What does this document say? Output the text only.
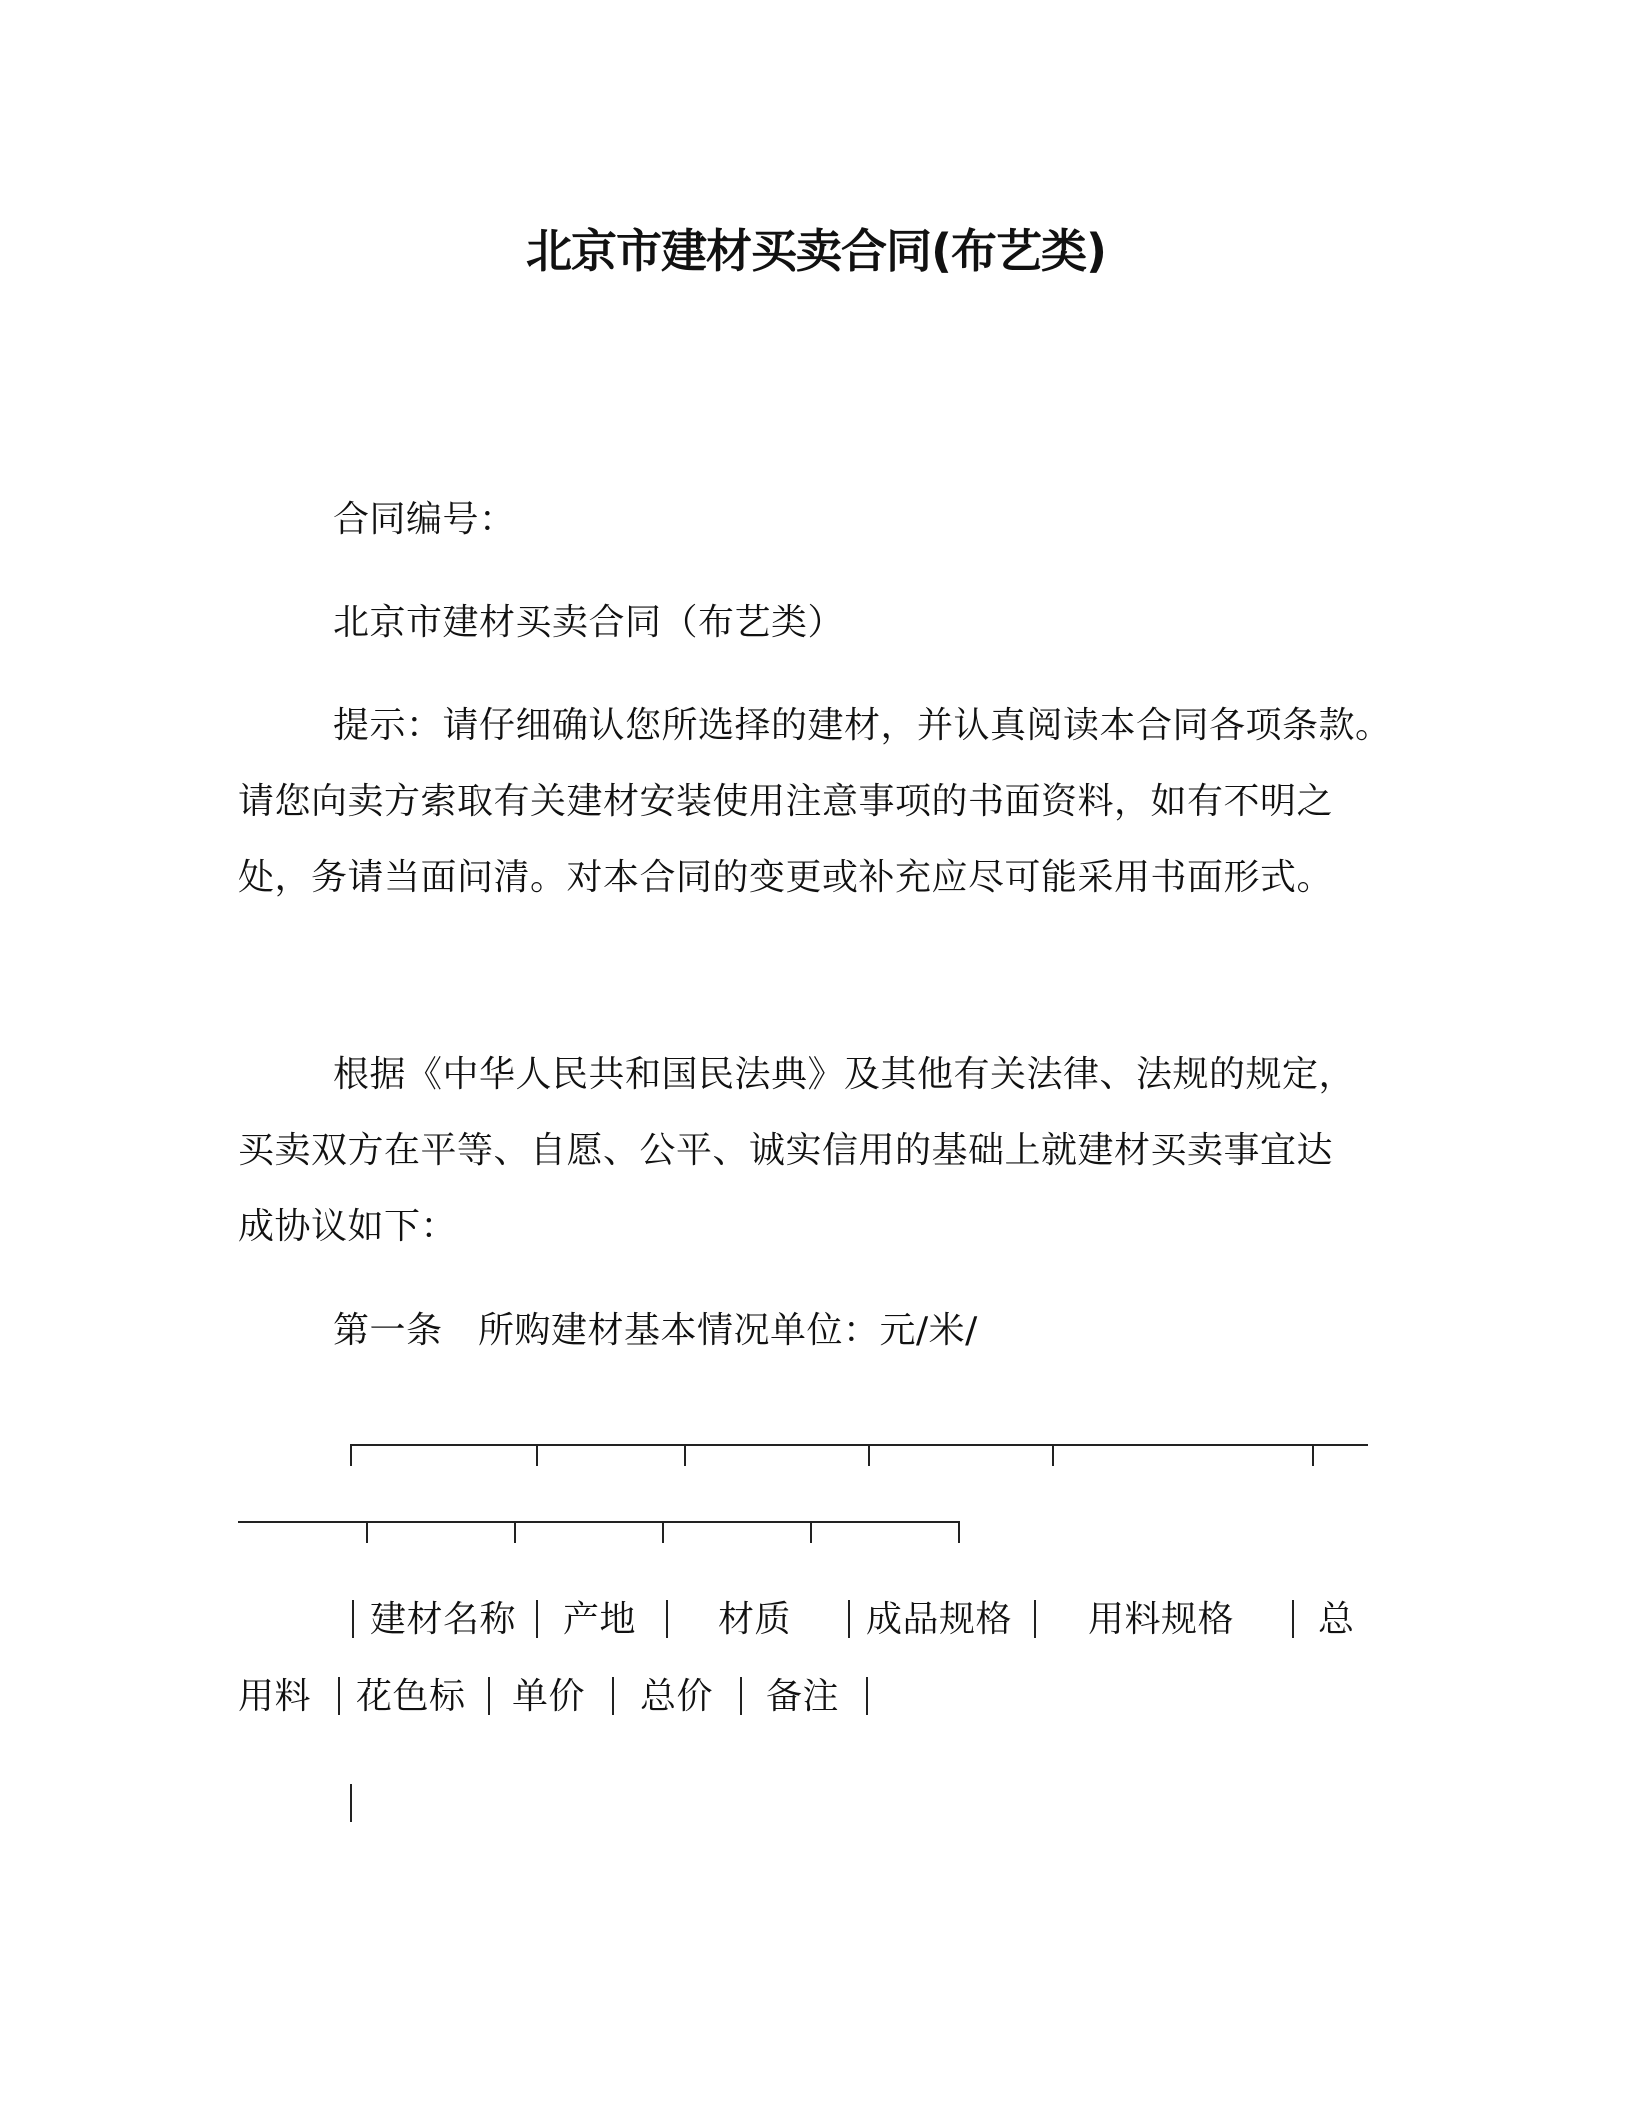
北京市建材买卖合同(布艺类)
合同编号：
北京市建材买卖合同（布艺类）
提示：请仔细确认您所选择的建材，并认真阅读本合同各项条款。
请您向卖方索取有关建材安装使用注意事项的书面资料，如有不明之
处，务请当面问清。对本合同的变更或补充应尽可能采用书面形式。
根据《中华人民共和国民法典》及其他有关法律、法规的规定，
买卖双方在平等、自愿、公平、诚实信用的基础上就建材买卖事宜达
成协议如下：
第一条 所购建材基本情况单位：元/米/
建材名称 产地 材质 成品规格 用料规格 总
用料 花色标 单价 总价 备注
